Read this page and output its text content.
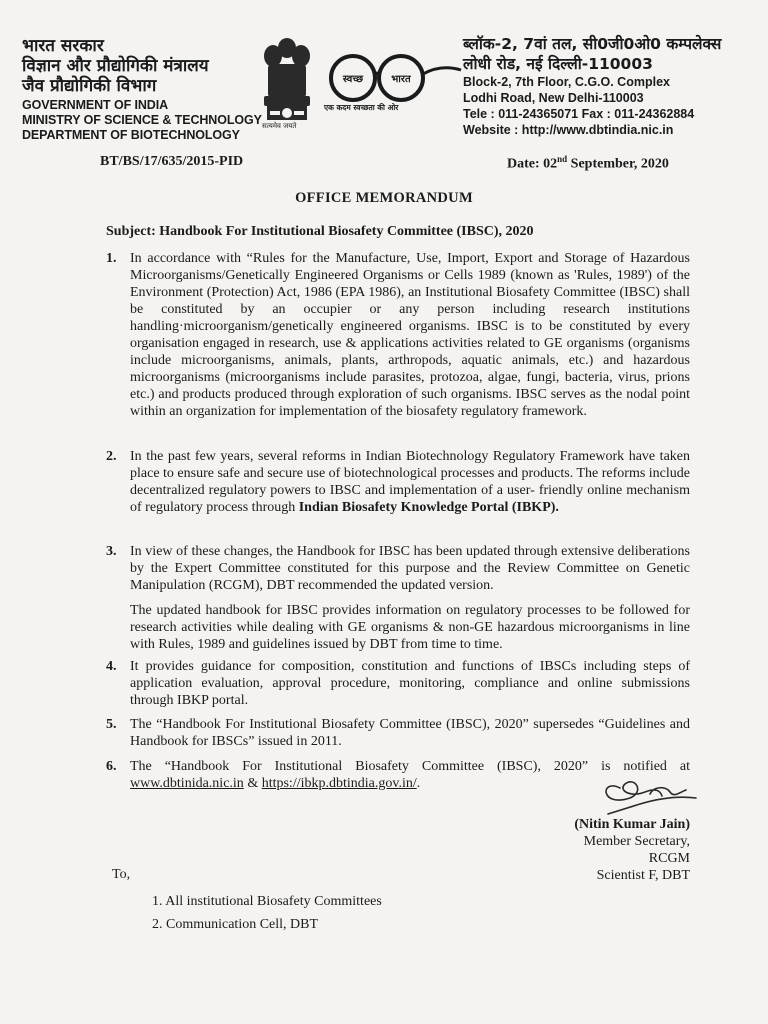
भारत सरकार
विज्ञान और प्रौद्योगिकी मंत्रालय
जैव प्रौद्योगिकी विभाग
GOVERNMENT OF INDIA
MINISTRY OF SCIENCE & TECHNOLOGY
DEPARTMENT OF BIOTECHNOLOGY
BT/BS/17/635/2015-PID
सत्यमेव जयते
स्वच्छ	भारत
एक कदम स्वच्छता की ओर
ब्लॉक-2, 7वां तल, सी0जी0ओ0 कम्पलेक्स
लोधी रोड, नई दिल्ली-110003
Block-2, 7th Floor, C.G.O. Complex
Lodhi Road, New Delhi-110003
Tele : 011-24365071 Fax : 011-24362884
Website : http://www.dbtindia.nic.in
Date: 02nd September, 2020
OFFICE MEMORANDUM
Subject: Handbook For Institutional Biosafety Committee (IBSC), 2020
1. In accordance with “Rules for the Manufacture, Use, Import, Export and Storage of Hazardous Microorganisms/Genetically Engineered Organisms or Cells 1989 (known as 'Rules, 1989') of the Environment (Protection) Act, 1986 (EPA 1986), an Institutional Biosafety Committee (IBSC) shall be constituted by an occupier or any person including research institutions handling·microorganism/genetically engineered organisms. IBSC is to be constituted by every organisation engaged in research, use & applications activities related to GE organisms (organisms include microorganisms, animals, plants, arthropods, aquatic animals, etc.) and hazardous microorganisms (microorganisms include parasites, protozoa, algae, fungi, bacteria, virus, prions etc.) and products produced through exploration of such organisms. IBSC serves as the nodal point within an organization for implementation of the biosafety regulatory framework.

2. In the past few years, several reforms in Indian Biotechnology Regulatory Framework have taken place to ensure safe and secure use of biotechnological processes and products. The reforms include decentralized regulatory powers to IBSC and implementation of a user- friendly online mechanism of regulatory process through Indian Biosafety Knowledge Portal (IBKP).

3. In view of these changes, the Handbook for IBSC has been updated through extensive deliberations by the Expert Committee constituted for this purpose and the Review Committee on Genetic Manipulation (RCGM), DBT recommended the updated version.

The updated handbook for IBSC provides information on regulatory processes to be followed for research activities while dealing with GE organisms & non-GE hazardous microorganisms in line with Rules, 1989 and guidelines issued by DBT from time to time.

4. It provides guidance for composition, constitution and functions of IBSCs including steps of application evaluation, approval procedure, monitoring, compliance and online submissions through IBKP portal.

5. The “Handbook For Institutional Biosafety Committee (IBSC), 2020” supersedes “Guidelines and Handbook for IBSCs” issued in 2011.

6. The “Handbook For Institutional Biosafety Committee (IBSC), 2020” is notified at www.dbtinida.nic.in & https://ibkp.dbtindia.gov.in/.

(Nitin Kumar Jain)
Member Secretary, RCGM
Scientist F, DBT
To,
1. All institutional Biosafety Committees
2. Communication Cell, DBT
